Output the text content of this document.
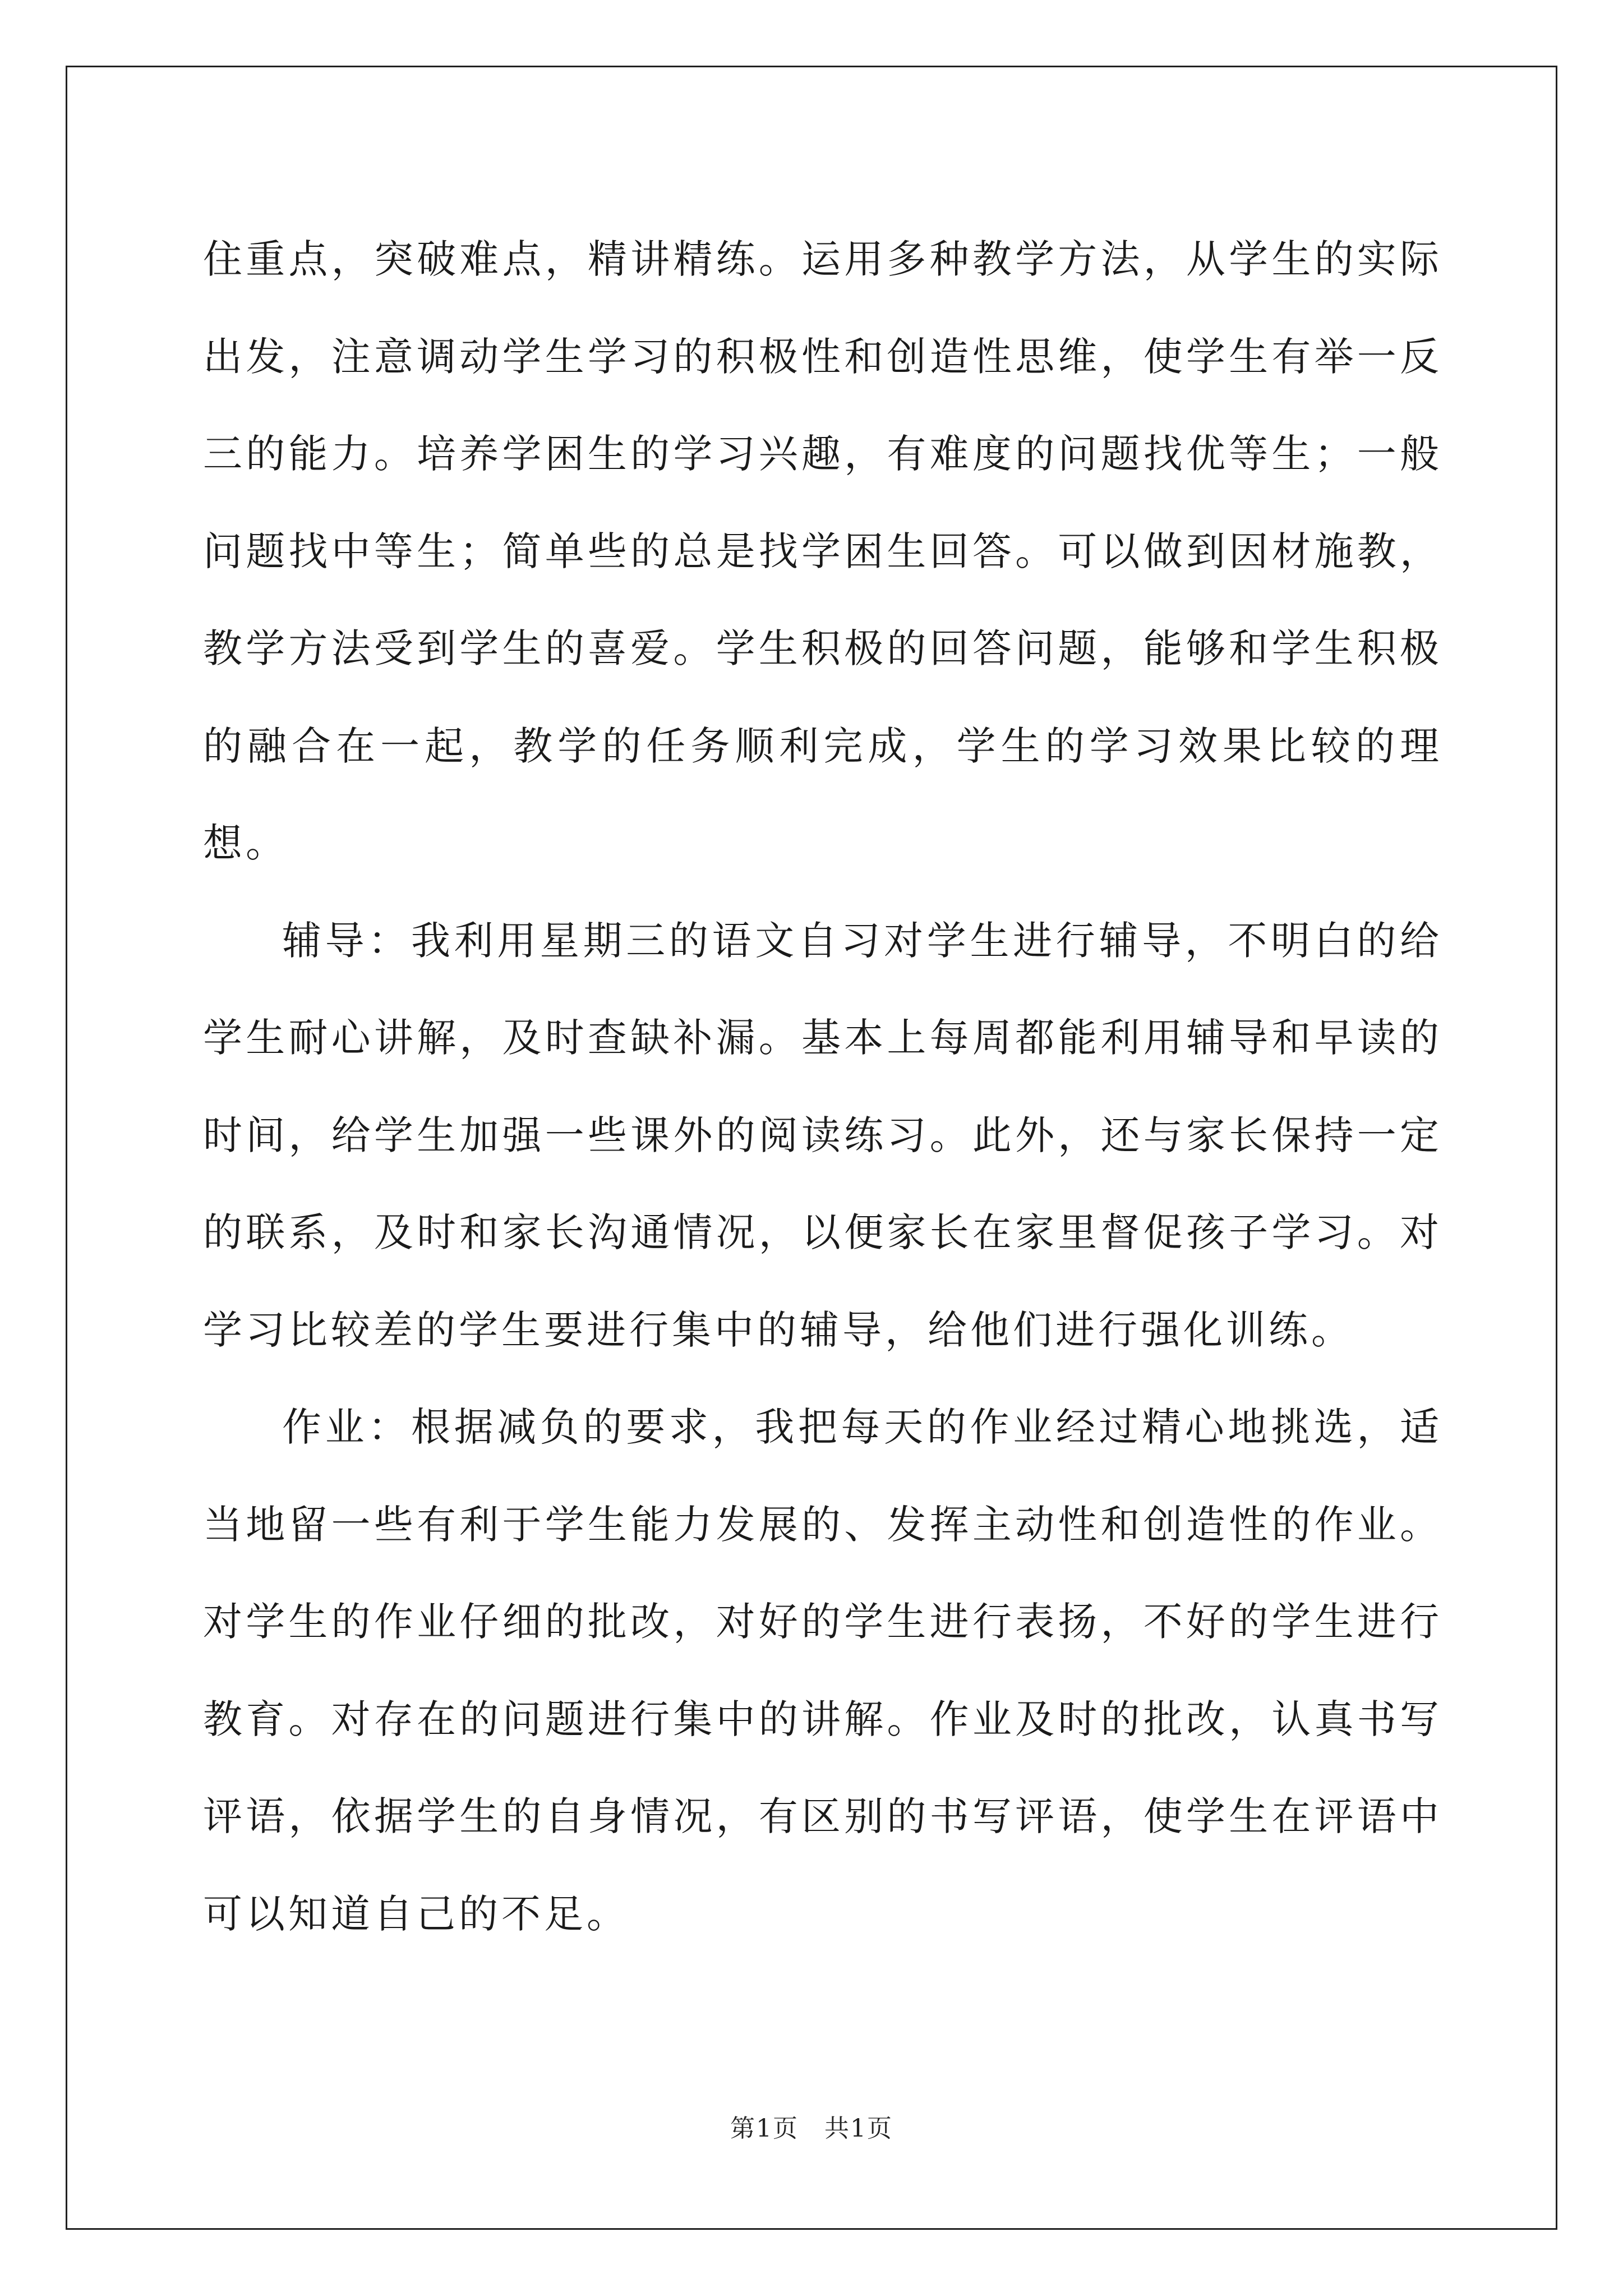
住重点，突破难点，精讲精练。运用多种教学方法，从学生的实际出发，注意调动学生学习的积极性和创造性思维，使学生有举一反三的能力。培养学困生的学习兴趣，有难度的问题找优等生；一般问题找中等生；简单些的总是找学困生回答。可以做到因材施教，教学方法受到学生的喜爱。学生积极的回答问题，能够和学生积极的融合在一起，教学的任务顺利完成，学生的学习效果比较的理想。

辅导：我利用星期三的语文自习对学生进行辅导，不明白的给学生耐心讲解，及时查缺补漏。基本上每周都能利用辅导和早读的时间，给学生加强一些课外的阅读练习。此外，还与家长保持一定的联系，及时和家长沟通情况，以便家长在家里督促孩子学习。对学习比较差的学生要进行集中的辅导，给他们进行强化训练。

作业：根据减负的要求，我把每天的作业经过精心地挑选，适当地留一些有利于学生能力发展的、发挥主动性和创造性的作业。对学生的作业仔细的批改，对好的学生进行表扬，不好的学生进行教育。对存在的问题进行集中的讲解。作业及时的批改，认真书写评语，依据学生的自身情况，有区别的书写评语，使学生在评语中可以知道自己的不足。

第1页　共1页
